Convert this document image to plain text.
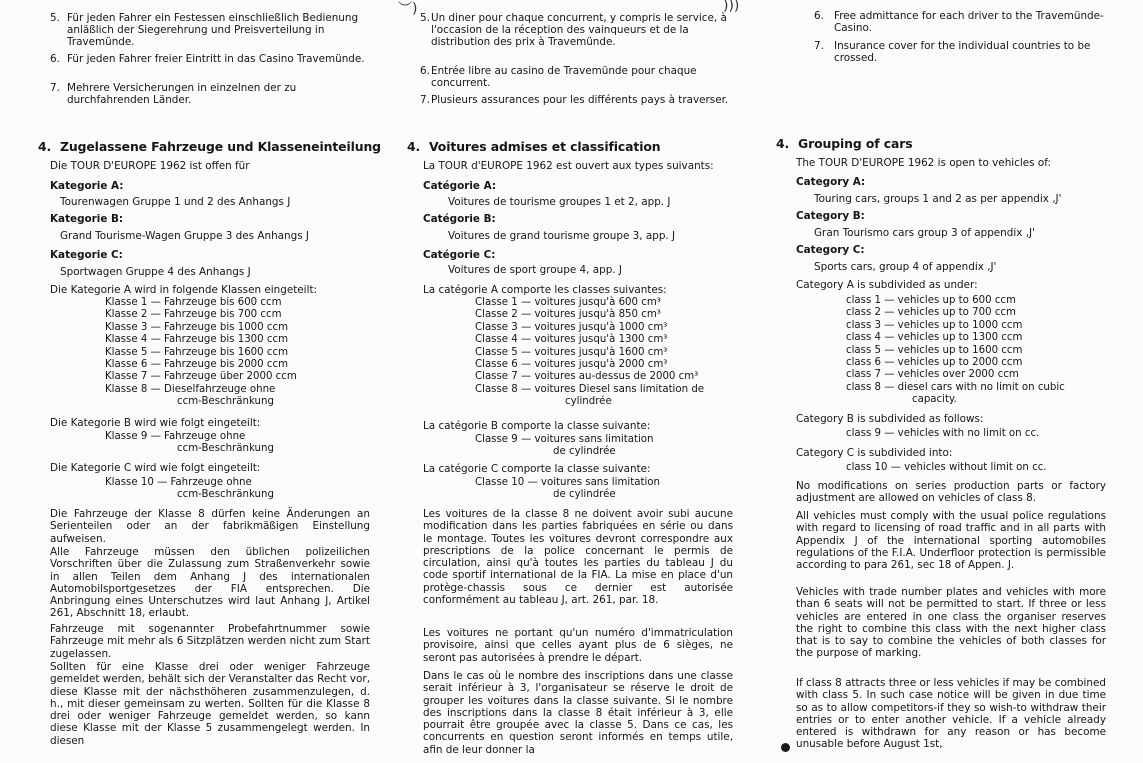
︶)	)))
5. Für jeden Fahrer ein Festessen einschließlich Bedienung anläßlich der Siegerehrung und Preisverteilung in Travemünde.
6. Für jeden Fahrer freier Eintritt in das Casino Travemünde.
7. Mehrere Versicherungen in einzelnen der zu durchfahrenden Länder.
4. Zugelassene Fahrzeuge und Klasseneinteilung
Die TOUR D'EUROPE 1962 ist offen für
Kategorie A:
Tourenwagen Gruppe 1 und 2 des Anhangs J
Kategorie B:
Grand Tourisme-Wagen Gruppe 3 des Anhangs J
Kategorie C:
Sportwagen Gruppe 4 des Anhangs J
Die Kategorie A wird in folgende Klassen eingeteilt:
Klasse 1 — Fahrzeuge bis 600 ccm
Klasse 2 — Fahrzeuge bis 700 ccm
Klasse 3 — Fahrzeuge bis 1000 ccm
Klasse 4 — Fahrzeuge bis 1300 ccm
Klasse 5 — Fahrzeuge bis 1600 ccm
Klasse 6 — Fahrzeuge bis 2000 ccm
Klasse 7 — Fahrzeuge über 2000 ccm
Klasse 8 — Dieselfahrzeuge ohne
ccm-Beschränkung
Die Kategorie B wird wie folgt eingeteilt:
Klasse 9 — Fahrzeuge ohne
ccm-Beschränkung
Die Kategorie C wird wie folgt eingeteilt:
Klasse 10 — Fahrzeuge ohne
ccm-Beschränkung
Die Fahrzeuge der Klasse 8 dürfen keine Änderungen an Serienteilen oder an der fabrikmäßigen Einstellung aufweisen.
Alle Fahrzeuge müssen den üblichen polizeilichen Vorschriften über die Zulassung zum Straßenverkehr sowie in allen Teilen dem Anhang J des internationalen Automobilsportgesetzes der FIA entsprechen. Die Anbringung eines Unterschutzes wird laut Anhang J, Artikel 261, Abschnitt 18, erlaubt.
Fahrzeuge mit sogenannter Probefahrtnummer sowie Fahrzeuge mit mehr als 6 Sitzplätzen werden nicht zum Start zugelassen.
Sollten für eine Klasse drei oder weniger Fahrzeuge gemeldet werden, behält sich der Veranstalter das Recht vor, diese Klasse mit der nächsthöheren zusammenzulegen, d. h., mit dieser gemeinsam zu werten. Sollten für die Klasse 8 drei oder weniger Fahrzeuge gemeldet werden, so kann diese Klasse mit der Klasse 5 zusammengelegt werden. In diesen
5. Un diner pour chaque concurrent, y compris le service, à l'occasion de la réception des vainqueurs et de la distribution des prix à Travemünde.
6. Entrée libre au casino de Travemünde pour chaque concurrent.
7. Plusieurs assurances pour les différents pays à traverser.
4. Voitures admises et classification
La TOUR d'EUROPE 1962 est ouvert aux types suivants:
Catégorie A:
Voitures de tourisme groupes 1 et 2, app. J
Catégorie B:
Voitures de grand tourisme groupe 3, app. J
Catégorie C:
Voitures de sport groupe 4, app. J
La catégorie A comporte les classes suivantes:
Classe 1 — voitures jusqu'à 600 cm³
Classe 2 — voitures jusqu'à 850 cm³
Classe 3 — voitures jusqu'à 1000 cm³
Classe 4 — voitures jusqu'à 1300 cm³
Classe 5 — voitures jusqu'à 1600 cm³
Classe 6 — voitures jusqu'à 2000 cm³
Classe 7 — voitures au-dessus de 2000 cm³
Classe 8 — voitures Diesel sans limitation de
cylindrée
La catégorie B comporte la classe suivante:
Classe 9 — voitures sans limitation
de cylindrée
La catégorie C comporte la classe suivante:
Classe 10 — voitures sans limitation
de cylindrée
Les voitures de la classe 8 ne doivent avoir subi aucune modification dans les parties fabriquées en série ou dans le montage. Toutes les voitures devront correspondre aux prescriptions de la police concernant le permis de circulation, ainsi qu'à toutes les parties du tableau J du code sportif international de la FIA. La mise en place d'un protège-chassis sous ce dernier est autorisée conformément au tableau J, art. 261, par. 18.
Les voitures ne portant qu'un numéro d'immatriculation provisoire, ainsi que celles ayant plus de 6 sièges, ne seront pas autorisées à prendre le départ.
Dans le cas où le nombre des inscriptions dans une classe serait inférieur à 3, l'organisateur se réserve le droit de grouper les voitures dans la classe suivante. Si le nombre des inscriptions dans la classe 8 était inférieur à 3, elle pourrait être groupée avec la classe 5. Dans ce cas, les concurrents en question seront informés en temps utile, afin de leur donner la
6. Free admittance for each driver to the Travemünde-Casino.
7. Insurance cover for the individual countries to be crossed.
4. Grouping of cars
The TOUR D'EUROPE 1962 is open to vehicles of:
Category A:
Touring cars, groups 1 and 2 as per appendix ‚J'
Category B:
Gran Tourismo cars group 3 of appendix ‚J'
Category C:
Sports cars, group 4 of appendix ‚J'
Category A is subdivided as under:
class 1 — vehicles up to 600 ccm
class 2 — vehicles up to 700 ccm
class 3 — vehicles up to 1000 ccm
class 4 — vehicles up to 1300 ccm
class 5 — vehicles up to 1600 ccm
class 6 — vehicles up to 2000 ccm
class 7 — vehicles over 2000 ccm
class 8 — diesel cars with no limit on cubic
capacity.
Category B is subdivided as follows:
class 9 — vehicles with no limit on cc.
Category C is subdivided into:
class 10 — vehicles without limit on cc.
No modifications on series production parts or factory adjustment are allowed on vehicles of class 8.
All vehicles must comply with the usual police regulations with regard to licensing of road traffic and in all parts with Appendix J of the international sporting automobiles regulations of the F.I.A. Underfloor protection is permissible according to para 261, sec 18 of Appen. J.
Vehicles with trade number plates and vehicles with more than 6 seats will not be permitted to start. If three or less vehicles are entered in one class the organiser reserves the right to combine this class with the next higher class that is to say to combine the vehicles of both classes for the purpose of marking.
If class 8 attracts three or less vehicles if may be combined with class 5. In such case notice will be given in due time so as to allow competitors-if they so wish-to withdraw their entries or to enter another vehicle. If a vehicle already entered is withdrawn for any reason or has become unusable before August 1st,
